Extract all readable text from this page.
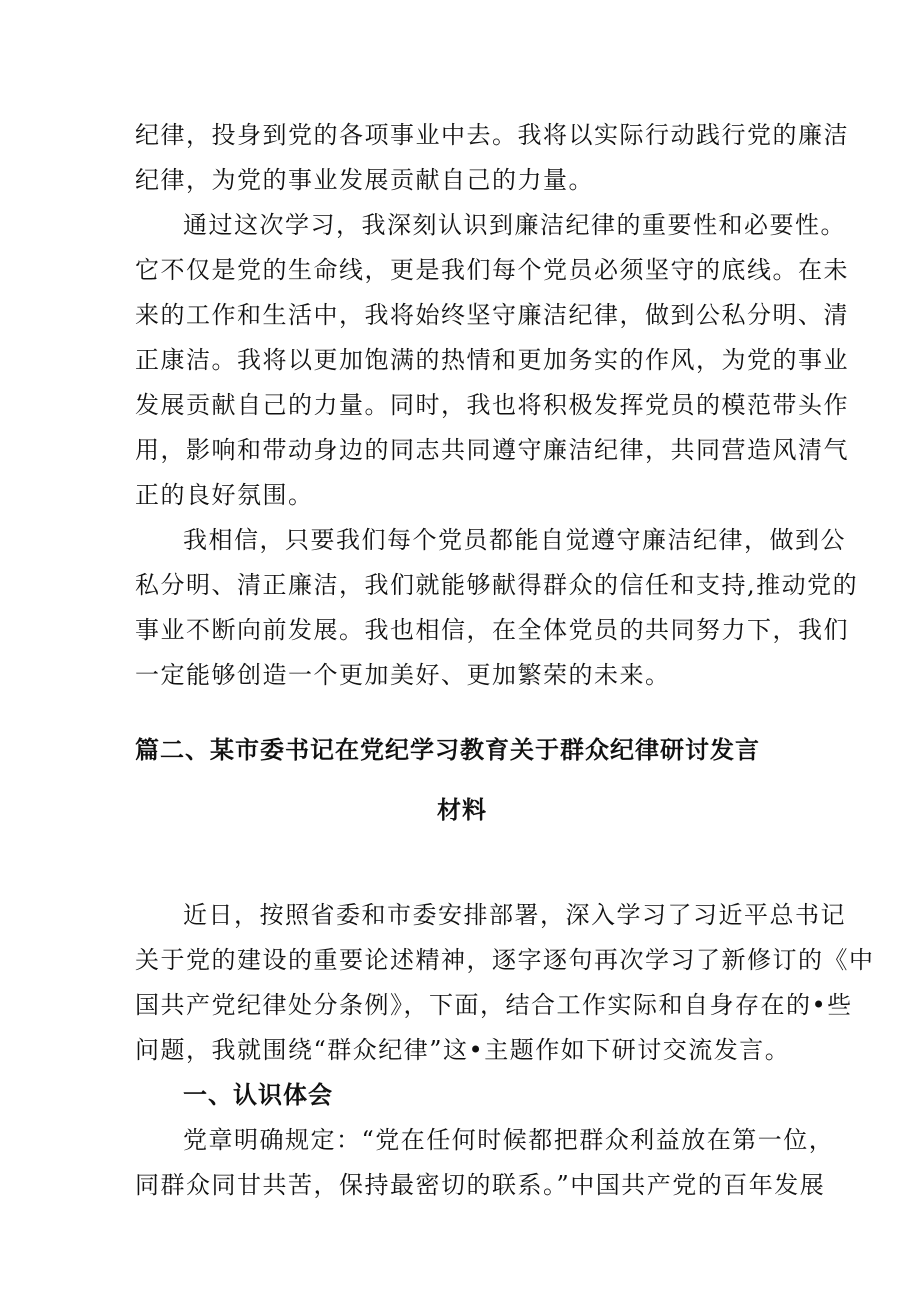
纪律，投身到党的各项事业中去。我将以实际行动践行党的廉洁
纪律，为党的事业发展贡献自己的力量。
通过这次学习，我深刻认识到廉洁纪律的重要性和必要性。
它不仅是党的生命线，更是我们每个党员必须坚守的底线。在未
来的工作和生活中，我将始终坚守廉洁纪律，做到公私分明、清
正康洁。我将以更加饱满的热情和更加务实的作风，为党的事业
发展贡献自己的力量。同时，我也将积极发挥党员的模范带头作
用，影响和带动身边的同志共同遵守廉洁纪律，共同营造风清气
正的良好氛围。
我相信，只要我们每个党员都能自觉遵守廉洁纪律，做到公
私分明、清正廉洁，我们就能够献得群众的信任和支持,推动党的
事业不断向前发展。我也相信，在全体党员的共同努力下，我们
一定能够创造一个更加美好、更加繁荣的未来。
篇二、某市委书记在党纪学习教育关于群众纪律研讨发言
材料
近日，按照省委和市委安排部署，深入学习了习近平总书记
关于党的建设的重要论述精神，逐字逐句再次学习了新修订的《中
国共产党纪律处分条例》，下面，结合工作实际和自身存在的•些
问题，我就围绕“群众纪律”这•主题作如下研讨交流发言。
一、认识体会
党章明确规定：“党在任何时候都把群众利益放在第一位，
同群众同甘共苦，保持最密切的联系。”中国共产党的百年发展
